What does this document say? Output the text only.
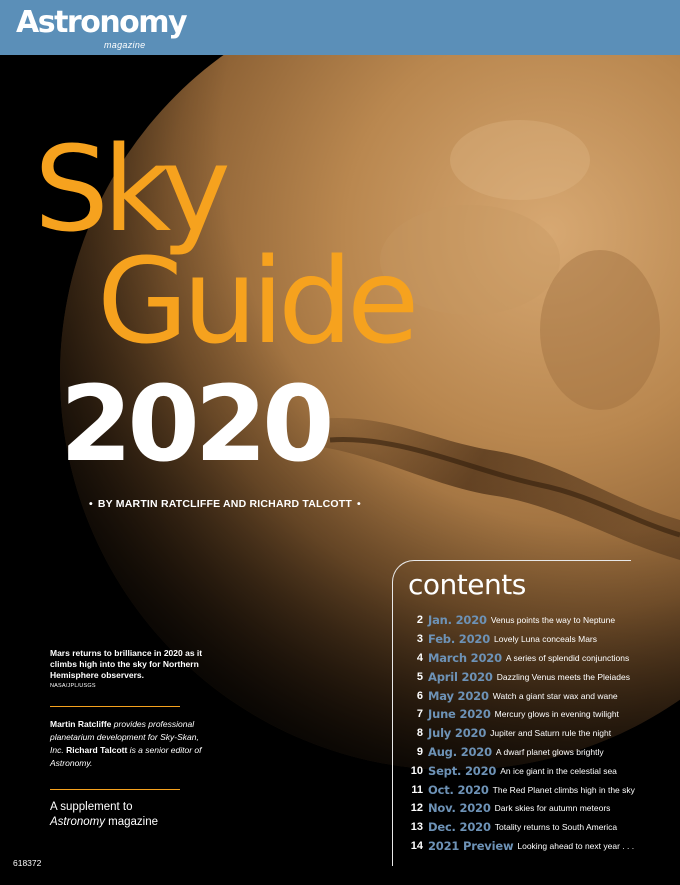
Astronomy
magazine
Sky
Guide
2020
• BY MARTIN RATCLIFFE AND RICHARD TALCOTT •
Mars returns to brilliance in 2020 as it climbs high into the sky for Northern Hemisphere observers.
NASA/JPL/USGS
Martin Ratcliffe provides professional planetarium development for Sky-Skan, Inc. Richard Talcott is a senior editor of Astronomy.
A supplement to
Astronomy magazine
618372
contents
2 Jan. 2020 Venus points the way to Neptune
3 Feb. 2020 Lovely Luna conceals Mars
4 March 2020 A series of splendid conjunctions
5 April 2020 Dazzling Venus meets the Pleiades
6 May 2020 Watch a giant star wax and wane
7 June 2020 Mercury glows in evening twilight
8 July 2020 Jupiter and Saturn rule the night
9 Aug. 2020 A dwarf planet glows brightly
10 Sept. 2020 An ice giant in the celestial sea
11 Oct. 2020 The Red Planet climbs high in the sky
12 Nov. 2020 Dark skies for autumn meteors
13 Dec. 2020 Totality returns to South America
14 2021 Preview Looking ahead to next year . . .
